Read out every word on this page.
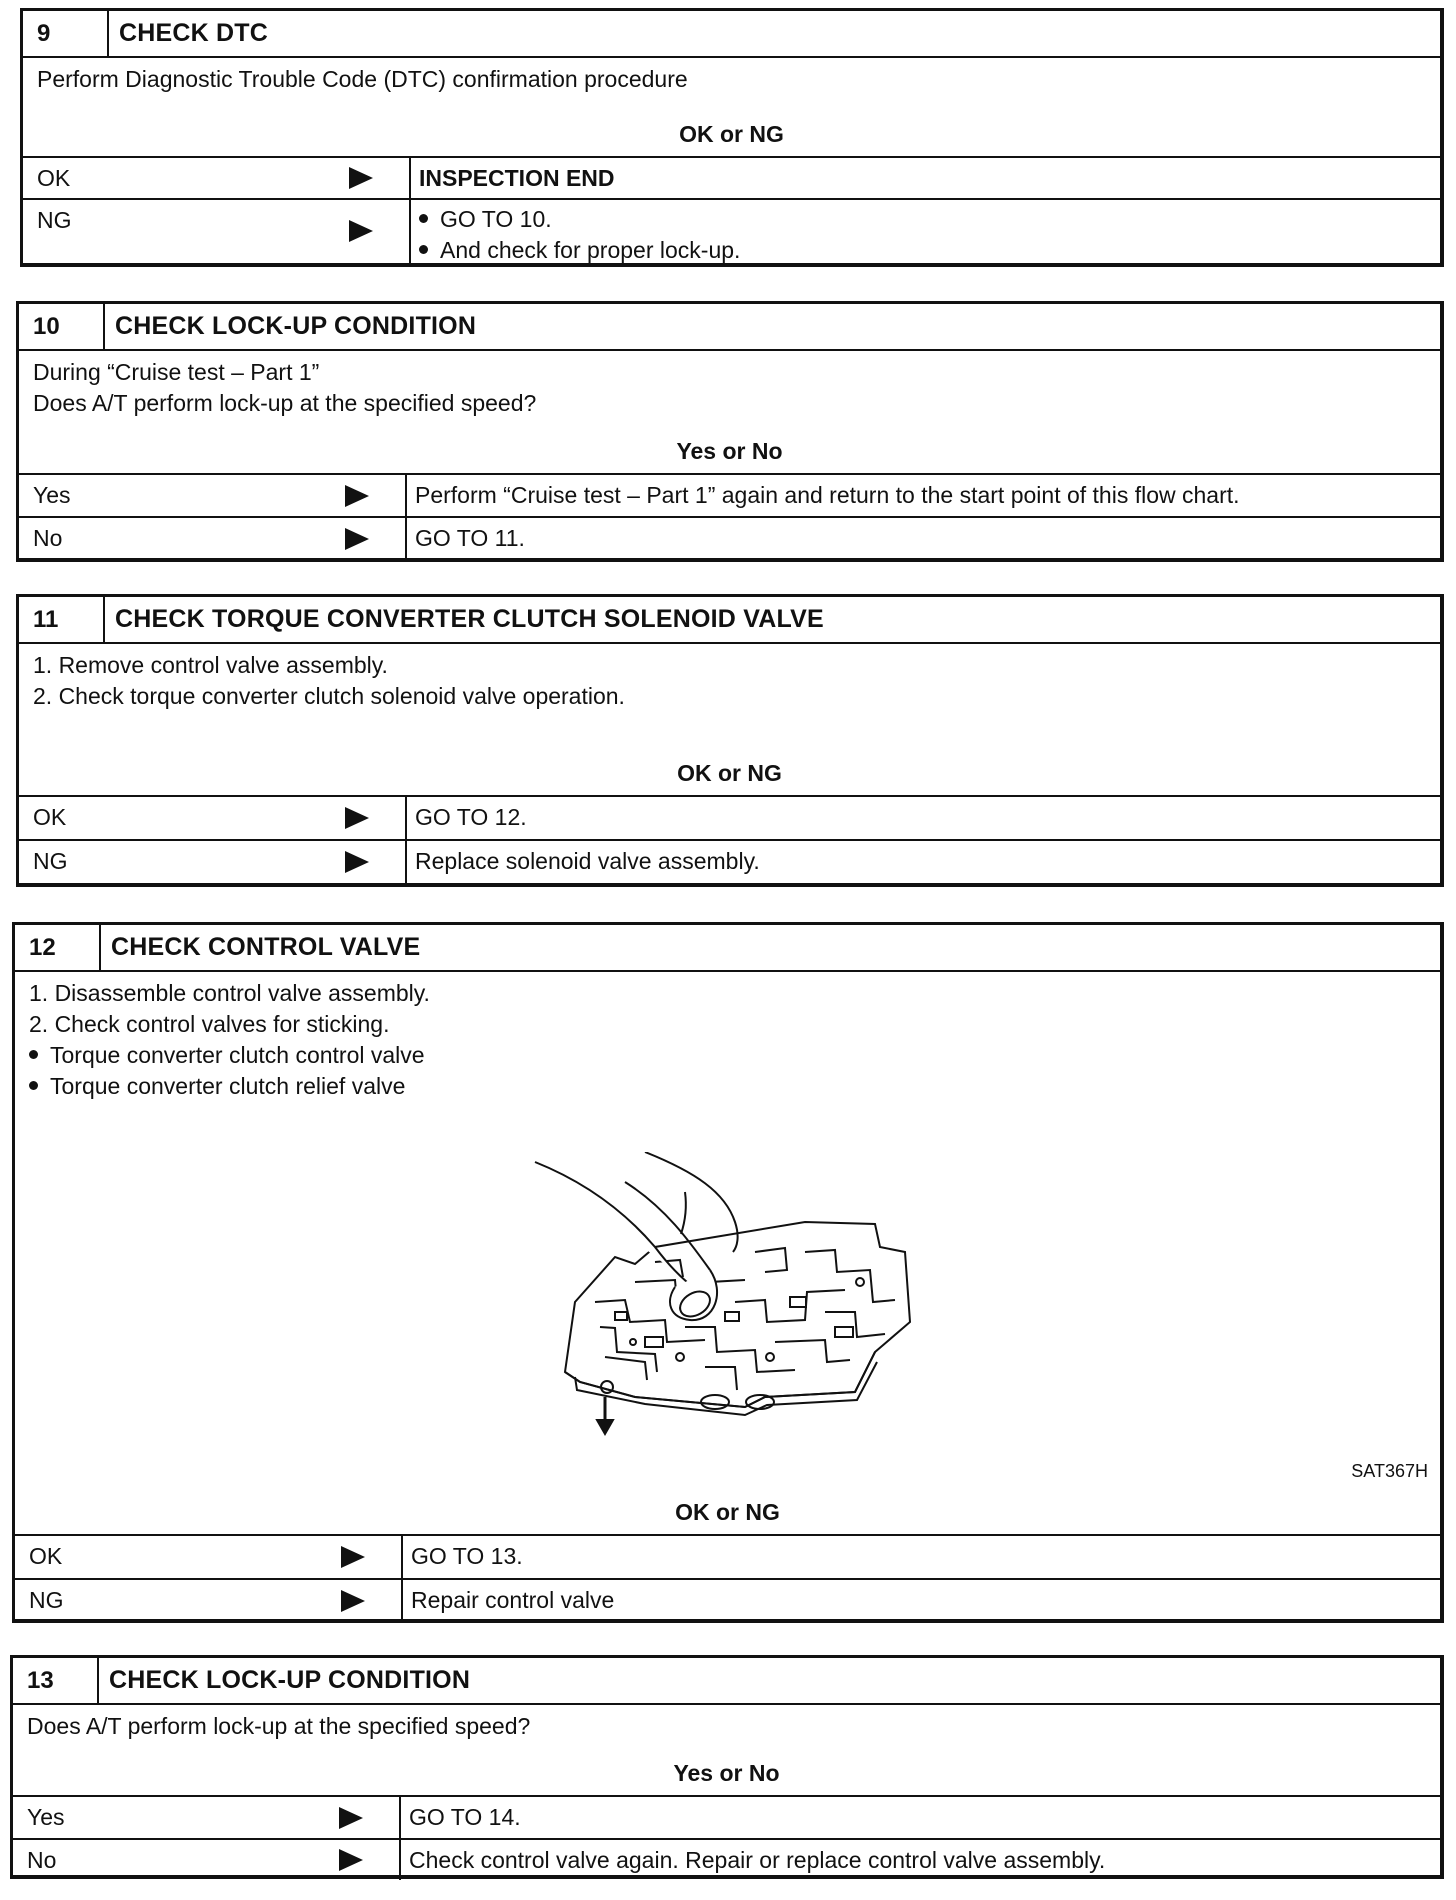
9	CHECK DTC
Perform Diagnostic Trouble Code (DTC) confirmation procedure
OK or NG
OK	INSPECTION END
NG	GO TO 10.
And check for proper lock-up.
10	CHECK LOCK-UP CONDITION
During “Cruise test – Part 1”
Does A/T perform lock-up at the specified speed?
Yes or No
Yes	Perform “Cruise test – Part 1” again and return to the start point of this flow chart.
No	GO TO 11.
11	CHECK TORQUE CONVERTER CLUTCH SOLENOID VALVE
1. Remove control valve assembly.
2. Check torque converter clutch solenoid valve operation.
OK or NG
OK	GO TO 12.
NG	Replace solenoid valve assembly.
12	CHECK CONTROL VALVE
1. Disassemble control valve assembly.
2. Check control valves for sticking.
Torque converter clutch control valve
Torque converter clutch relief valve
SAT367H
OK or NG
OK	GO TO 13.
NG	Repair control valve
13	CHECK LOCK-UP CONDITION
Does A/T perform lock-up at the specified speed?
Yes or No
Yes	GO TO 14.
No	Check control valve again. Repair or replace control valve assembly.
